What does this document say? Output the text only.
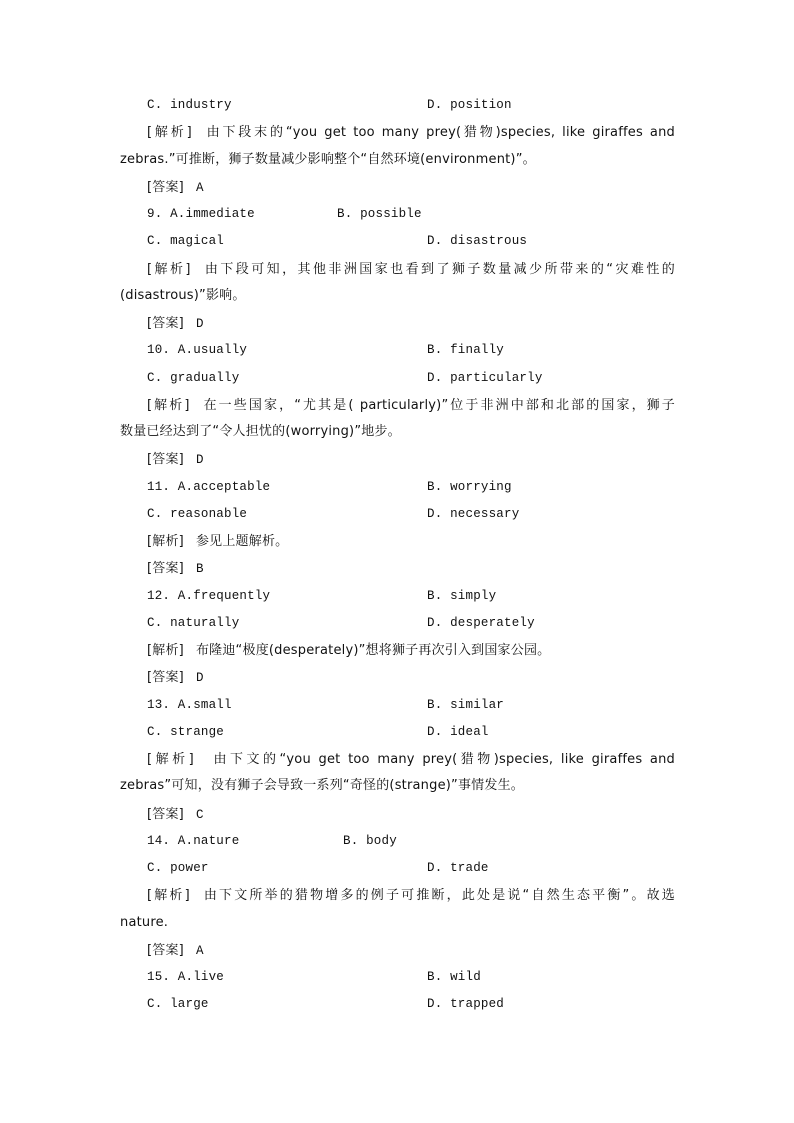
C. industry	D. position
[解析] 由下段末的“you get too many prey(猎物)species, like giraffes and
zebras.”可推断，狮子数量减少影响整个“自然环境(environment)”。
[答案] A
9. A.immediate	B. possible
C. magical	D. disastrous
[解析] 由下段可知，其他非洲国家也看到了狮子数量减少所带来的“灾难性的
(disastrous)”影响。
[答案] D
10. A.usually	B. finally
C. gradually	D. particularly
[解析] 在一些国家，“尤其是( particularly)”位于非洲中部和北部的国家，狮子
数量已经达到了“令人担忧的(worrying)”地步。
[答案] D
11. A.acceptable	B. worrying
C. reasonable	D. necessary
[解析] 参见上题解析。
[答案] B
12. A.frequently	B. simply
C. naturally	D. desperately
[解析] 布隆迪“极度(desperately)”想将狮子再次引入到国家公园。
[答案] D
13. A.small	B. similar
C. strange	D. ideal
[解析] 由下文的“you get too many prey(猎物)species, like giraffes and
zebras”可知，没有狮子会导致一系列“奇怪的(strange)”事情发生。
[答案] C
14. A.nature	B. body
C. power	D. trade
[解析] 由下文所举的猎物增多的例子可推断，此处是说“自然生态平衡”。故选
nature.
[答案] A
15. A.live	B. wild
C. large	D. trapped
